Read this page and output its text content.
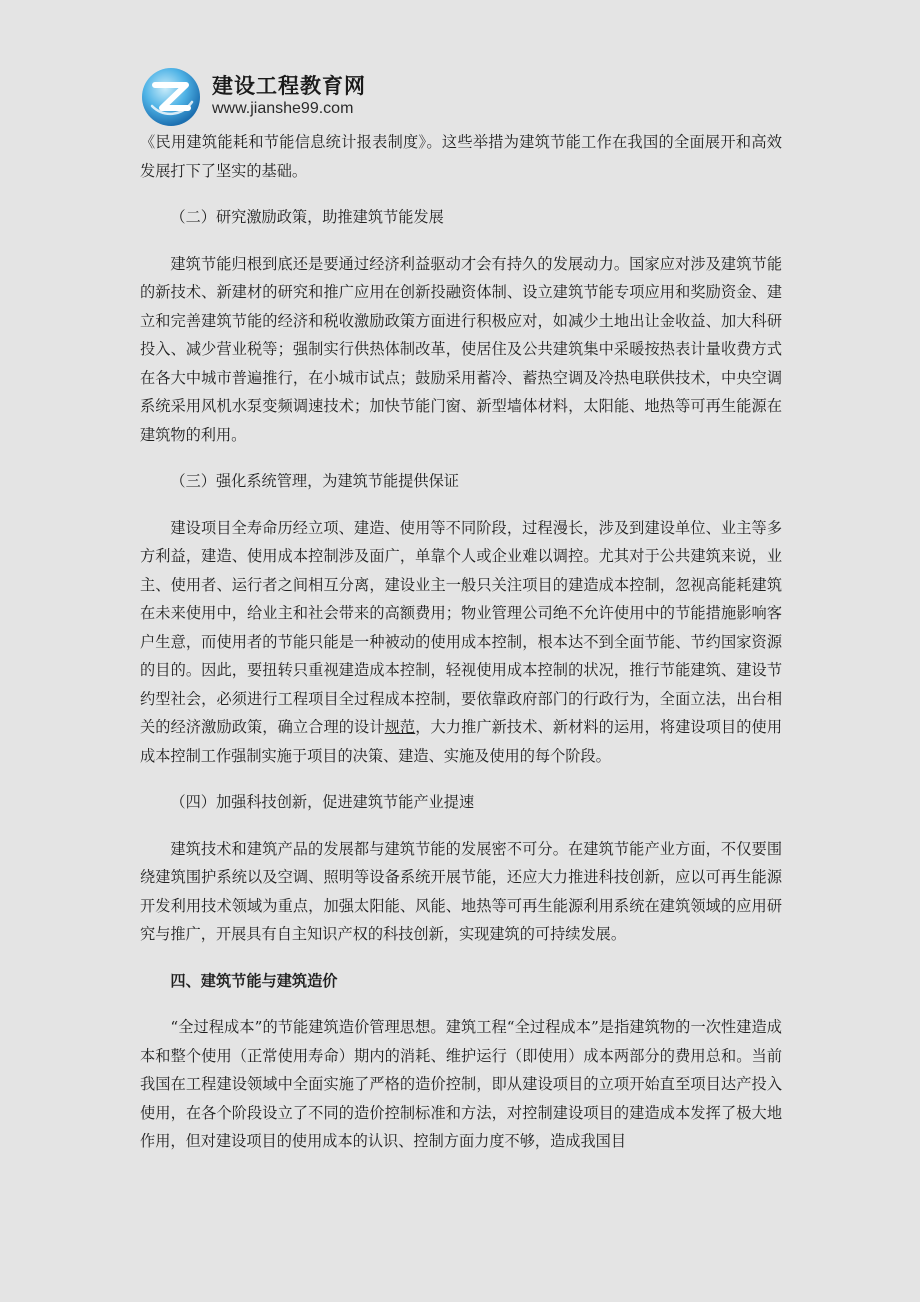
建设工程教育网
www.jianshe99.com

《民用建筑能耗和节能信息统计报表制度》。这些举措为建筑节能工作在我国的全面展开和高效发展打下了坚实的基础。

（二）研究激励政策，助推建筑节能发展

建筑节能归根到底还是要通过经济利益驱动才会有持久的发展动力。国家应对涉及建筑节能的新技术、新建材的研究和推广应用在创新投融资体制、设立建筑节能专项应用和奖励资金、建立和完善建筑节能的经济和税收激励政策方面进行积极应对，如减少土地出让金收益、加大科研投入、减少营业税等；强制实行供热体制改革，使居住及公共建筑集中采暖按热表计量收费方式在各大中城市普遍推行，在小城市试点；鼓励采用蓄冷、蓄热空调及冷热电联供技术，中央空调系统采用风机水泵变频调速技术；加快节能门窗、新型墙体材料，太阳能、地热等可再生能源在建筑物的利用。

（三）强化系统管理，为建筑节能提供保证

建设项目全寿命历经立项、建造、使用等不同阶段，过程漫长，涉及到建设单位、业主等多方利益，建造、使用成本控制涉及面广，单靠个人或企业难以调控。尤其对于公共建筑来说，业主、使用者、运行者之间相互分离，建设业主一般只关注项目的建造成本控制，忽视高能耗建筑在未来使用中，给业主和社会带来的高额费用；物业管理公司绝不允许使用中的节能措施影响客户生意，而使用者的节能只能是一种被动的使用成本控制，根本达不到全面节能、节约国家资源的目的。因此，要扭转只重视建造成本控制，轻视使用成本控制的状况，推行节能建筑、建设节约型社会，必须进行工程项目全过程成本控制，要依靠政府部门的行政行为，全面立法，出台相关的经济激励政策，确立合理的设计规范，大力推广新技术、新材料的运用，将建设项目的使用成本控制工作强制实施于项目的决策、建造、实施及使用的每个阶段。

（四）加强科技创新，促进建筑节能产业提速

建筑技术和建筑产品的发展都与建筑节能的发展密不可分。在建筑节能产业方面，不仅要围绕建筑围护系统以及空调、照明等设备系统开展节能，还应大力推进科技创新，应以可再生能源开发利用技术领域为重点，加强太阳能、风能、地热等可再生能源利用系统在建筑领域的应用研究与推广，开展具有自主知识产权的科技创新，实现建筑的可持续发展。

四、建筑节能与建筑造价

“全过程成本”的节能建筑造价管理思想。建筑工程“全过程成本”是指建筑物的一次性建造成本和整个使用（正常使用寿命）期内的消耗、维护运行（即使用）成本两部分的费用总和。当前我国在工程建设领域中全面实施了严格的造价控制，即从建设项目的立项开始直至项目达产投入使用，在各个阶段设立了不同的造价控制标准和方法，对控制建设项目的建造成本发挥了极大地作用，但对建设项目的使用成本的认识、控制方面力度不够，造成我国目
